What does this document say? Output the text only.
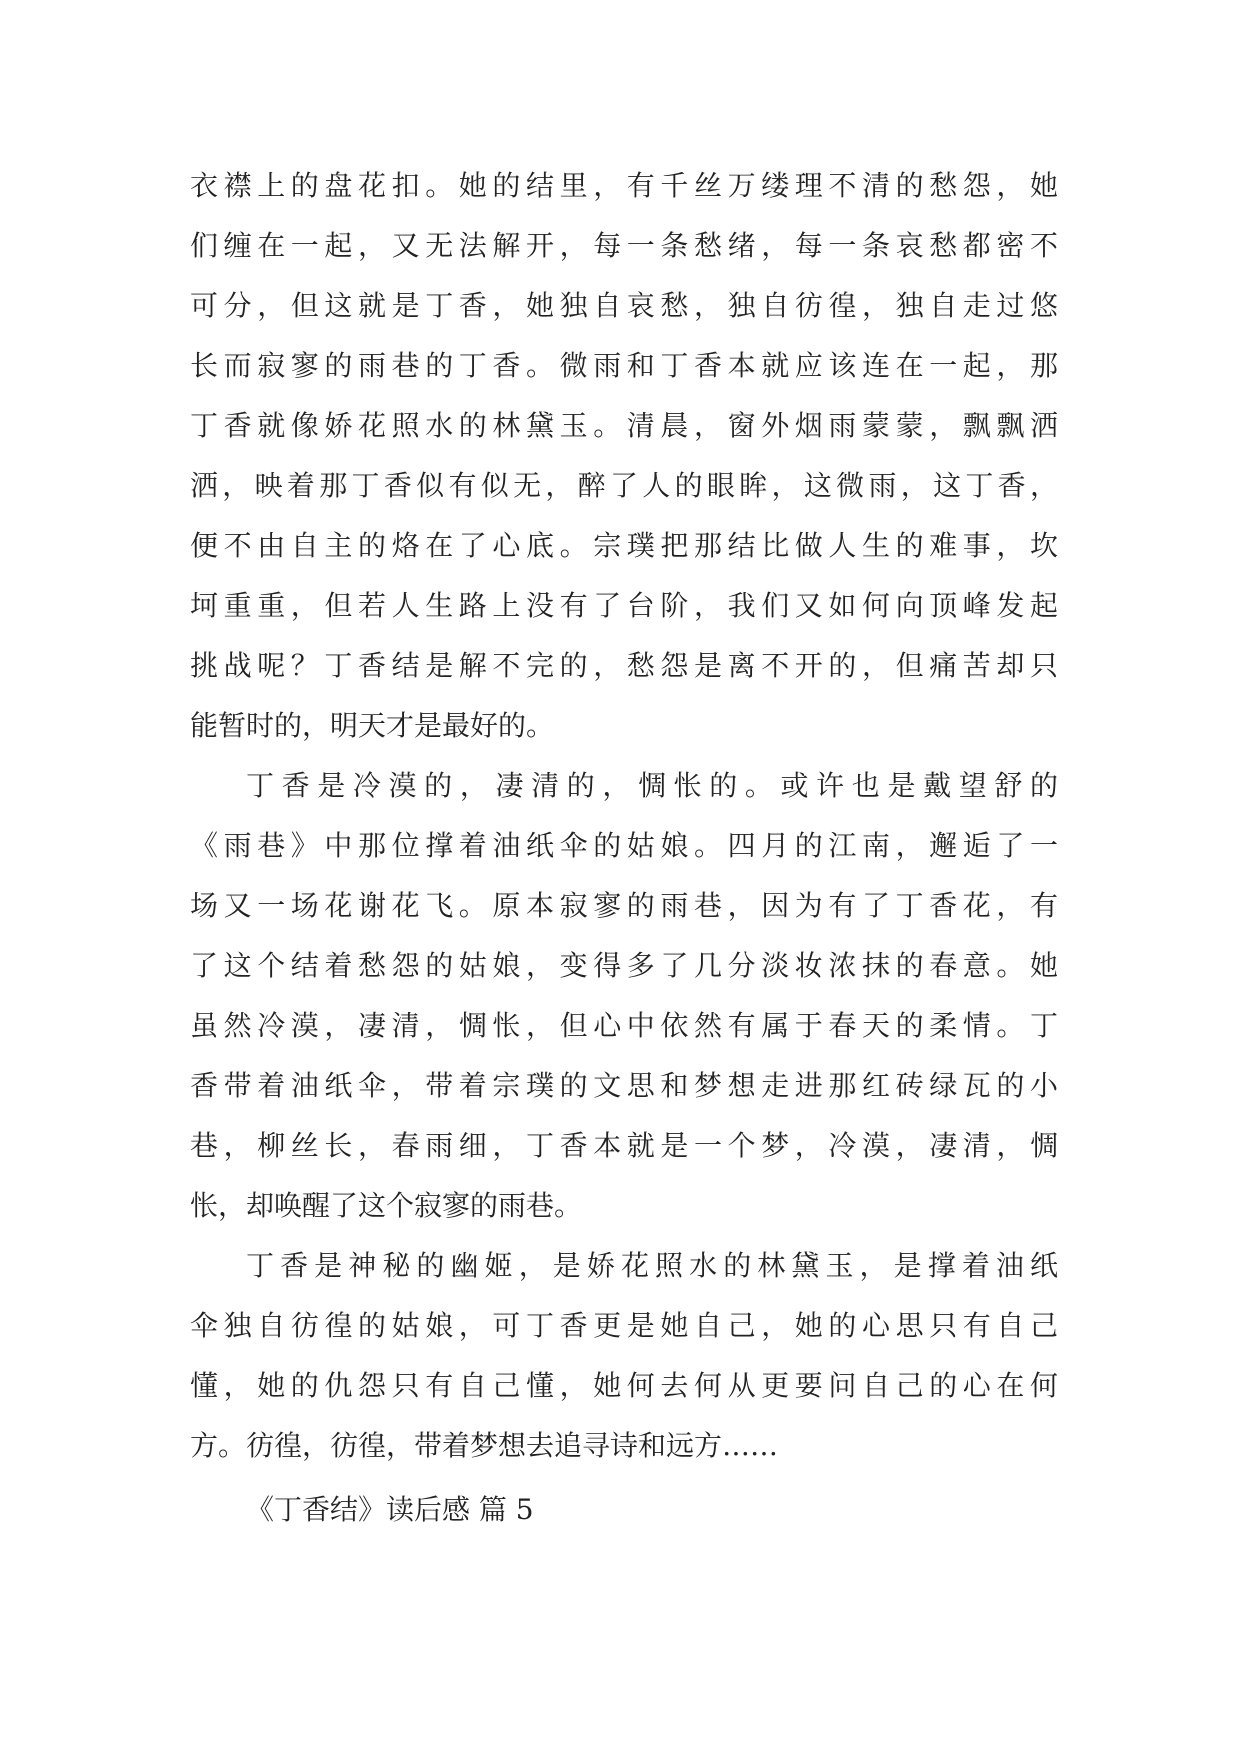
衣襟上的盘花扣。她的结里，有千丝万缕理不清的愁怨，她
们缠在一起，又无法解开，每一条愁绪，每一条哀愁都密不
可分，但这就是丁香，她独自哀愁，独自彷徨，独自走过悠
长而寂寥的雨巷的丁香。微雨和丁香本就应该连在一起，那
丁香就像娇花照水的林黛玉。清晨，窗外烟雨蒙蒙，飘飘洒
洒，映着那丁香似有似无，醉了人的眼眸，这微雨，这丁香，
便不由自主的烙在了心底。宗璞把那结比做人生的难事，坎
坷重重，但若人生路上没有了台阶，我们又如何向顶峰发起
挑战呢？丁香结是解不完的，愁怨是离不开的，但痛苦却只
能暂时的，明天才是最好的。
丁香是冷漠的，凄清的，惆怅的。或许也是戴望舒的
《雨巷》中那位撑着油纸伞的姑娘。四月的江南，邂逅了一
场又一场花谢花飞。原本寂寥的雨巷，因为有了丁香花，有
了这个结着愁怨的姑娘，变得多了几分淡妆浓抹的春意。她
虽然冷漠，凄清，惆怅，但心中依然有属于春天的柔情。丁
香带着油纸伞，带着宗璞的文思和梦想走进那红砖绿瓦的小
巷，柳丝长，春雨细，丁香本就是一个梦，冷漠，凄清，惆
怅，却唤醒了这个寂寥的雨巷。
丁香是神秘的幽姬，是娇花照水的林黛玉，是撑着油纸
伞独自彷徨的姑娘，可丁香更是她自己，她的心思只有自己
懂，她的仇怨只有自己懂，她何去何从更要问自己的心在何
方。彷徨，彷徨，带着梦想去追寻诗和远方……
《丁香结》读后感 篇 5
